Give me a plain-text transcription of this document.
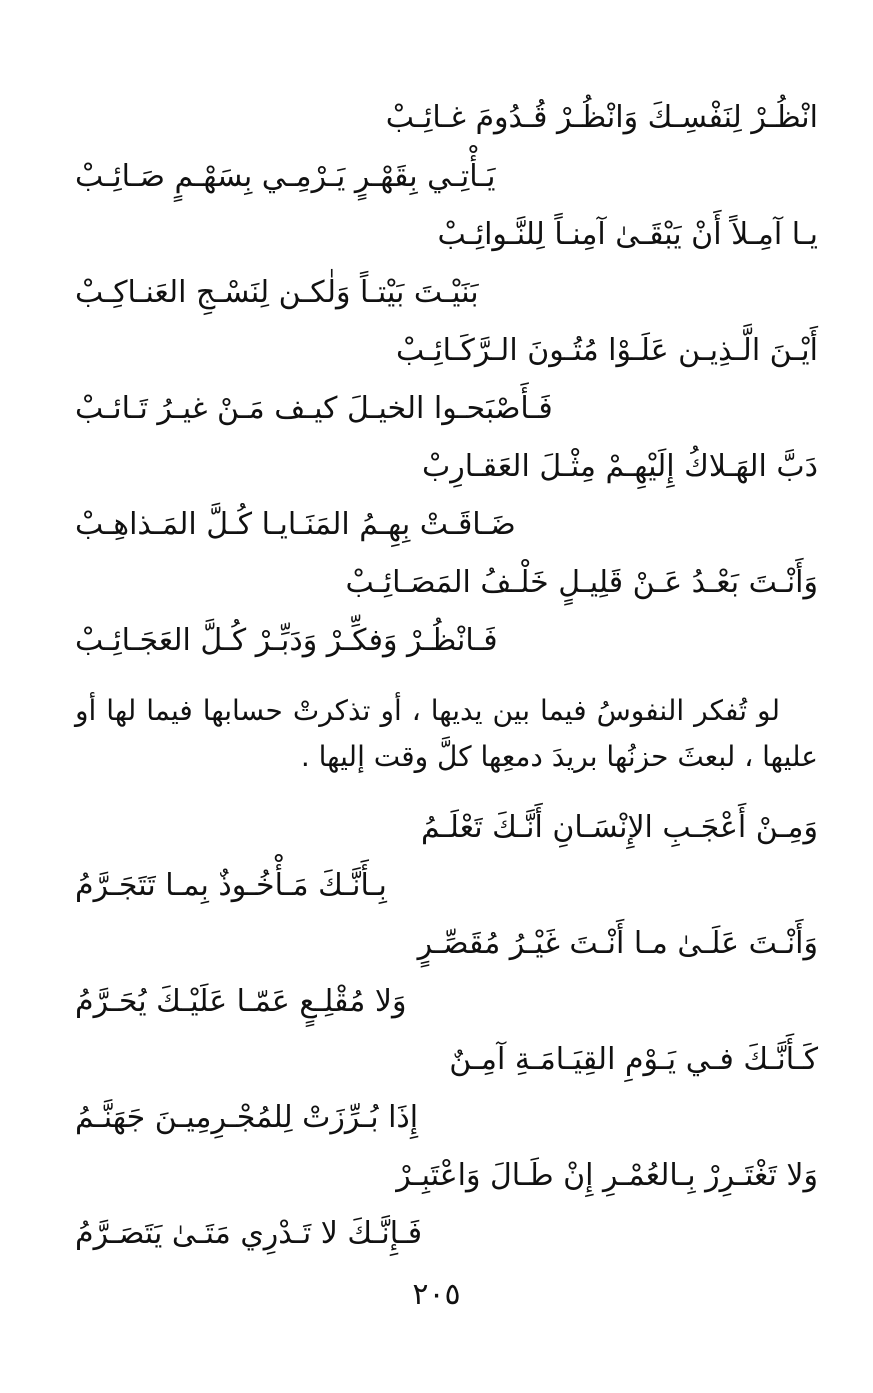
انْظُـرْ لِنَفْسِـكَ وَانْظُـرْ قُـدُومَ غـائِـبْ
يَـأْتِـي بِقَهْـرٍ يَـرْمِـي بِسَهْـمٍ صَـائِـبْ
يـا آمِـلاً أَنْ يَبْقَـىٰ آمِنـاً لِلنَّـوائِـبْ
بَنَيْـتَ بَيْتـاً وَلٰكـن لِنَسْـجِ العَنـاكِـبْ
أَيْـنَ الَّـذِيـن عَلَـوْا مُتُـونَ الـرَّكَـائِـبْ
فَـأَصْبَحـوا الخيـلَ كيـف مَـنْ غيـرُ تَـائـبْ
دَبَّ الهَـلاكُ إِلَيْهِـمْ مِثْـلَ العَقـارِبْ
ضَـاقَـتْ بِهِـمُ المَنَـايـا كُـلَّ المَـذاهِـبْ
وَأَنْـتَ بَعْـدُ عَـنْ قَلِيـلٍ خَلْـفُ المَصَـائِـبْ
فَـانْظُـرْ وَفكِّـرْ وَدَبِّـرْ كُـلَّ العَجَـائِـبْ
لو تُفكر النفوسُ فيما بين يديها ، أو تذكرتْ حسابها فيما لها أو عليها ، لبعثَ حزنُها بريدَ دمعِها كلَّ وقت إليها .
وَمِـنْ أَعْجَـبِ الإِنْسَـانِ أَنَّـكَ تَعْلَـمُ
بِـأَنَّـكَ مَـأْخُـوذٌ بِمـا تَتَجَـرَّمُ
وَأَنْـتَ عَلَـىٰ مـا أَنْـتَ غَيْـرُ مُقَصِّـرٍ
وَلا مُقْلِـعٍ عَمّـا عَلَيْـكَ يُحَـرَّمُ
كَـأَنَّـكَ فـي يَـوْمِ القِيَـامَـةِ آمِـنٌ
إِذَا بُـرِّزَتْ لِلمُجْـرِمِيـنَ جَهَنَّـمُ
وَلا تَغْتَـرِرْ بِـالعُمْـرِ إِنْ طَـالَ وَاعْتَبِـرْ
فَـإِنَّـكَ لا تَـدْرِي مَتَـىٰ يَتَصَـرَّمُ
٢٠٥
